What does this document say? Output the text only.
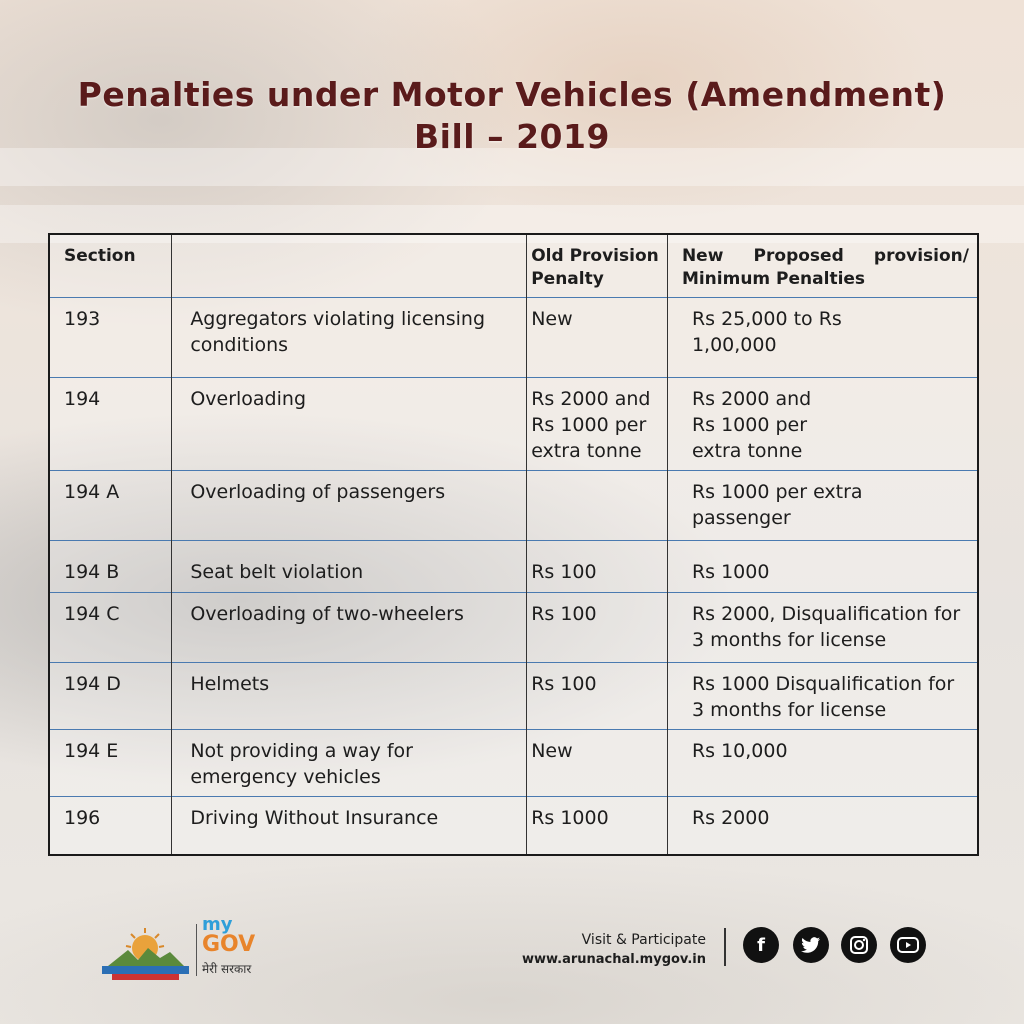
Penalties under Motor Vehicles (Amendment)
Bill – 2019
Section		Old Provision Penalty	New Proposed provision/ Minimum Penalties
193	Aggregators violating licensing conditions	New	Rs 25,000 to Rs 1,00,000
194	Overloading	Rs 2000 and Rs 1000 per extra tonne	Rs 2000 and Rs 1000 per extra tonne
194 A	Overloading of passengers		Rs 1000 per extra passenger
194 B	Seat belt violation	Rs 100	Rs 1000
194 C	Overloading of two-wheelers	Rs 100	Rs 2000, Disqualification for 3 months for license
194 D	Helmets	Rs 100	Rs 1000 Disqualification for 3 months for license
194 E	Not providing a way for emergency vehicles	New	Rs 10,000
196	Driving Without Insurance	Rs 1000	Rs 2000
my
GOV
मेरी सरकार
Visit & Participate
www.arunachal.mygov.in
f
